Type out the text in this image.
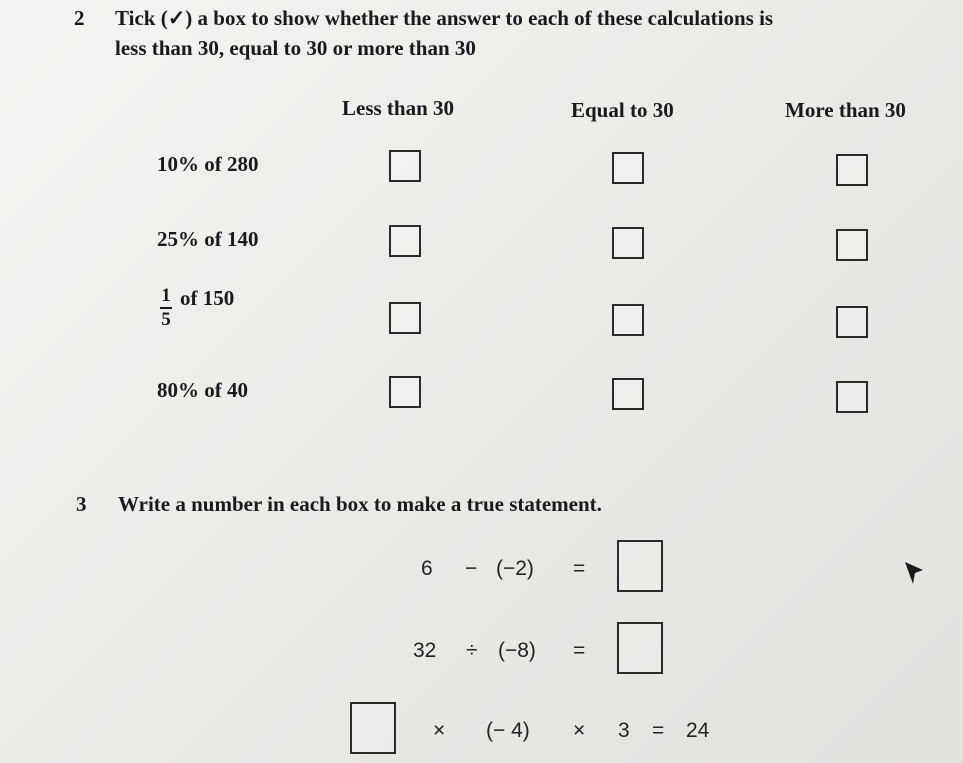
2 Tick (✓) a box to show whether the answer to each of these calculations is
less than 30, equal to 30 or more than 30
Less than 30	Equal to 30	More than 30
10% of 280
25% of 140
$\frac{1}{5}$ of 150
80% of 40
3 Write a number in each box to make a true statement.
6 − (−2) =
32 ÷ (−8) =
× (− 4) × 3 = 24
